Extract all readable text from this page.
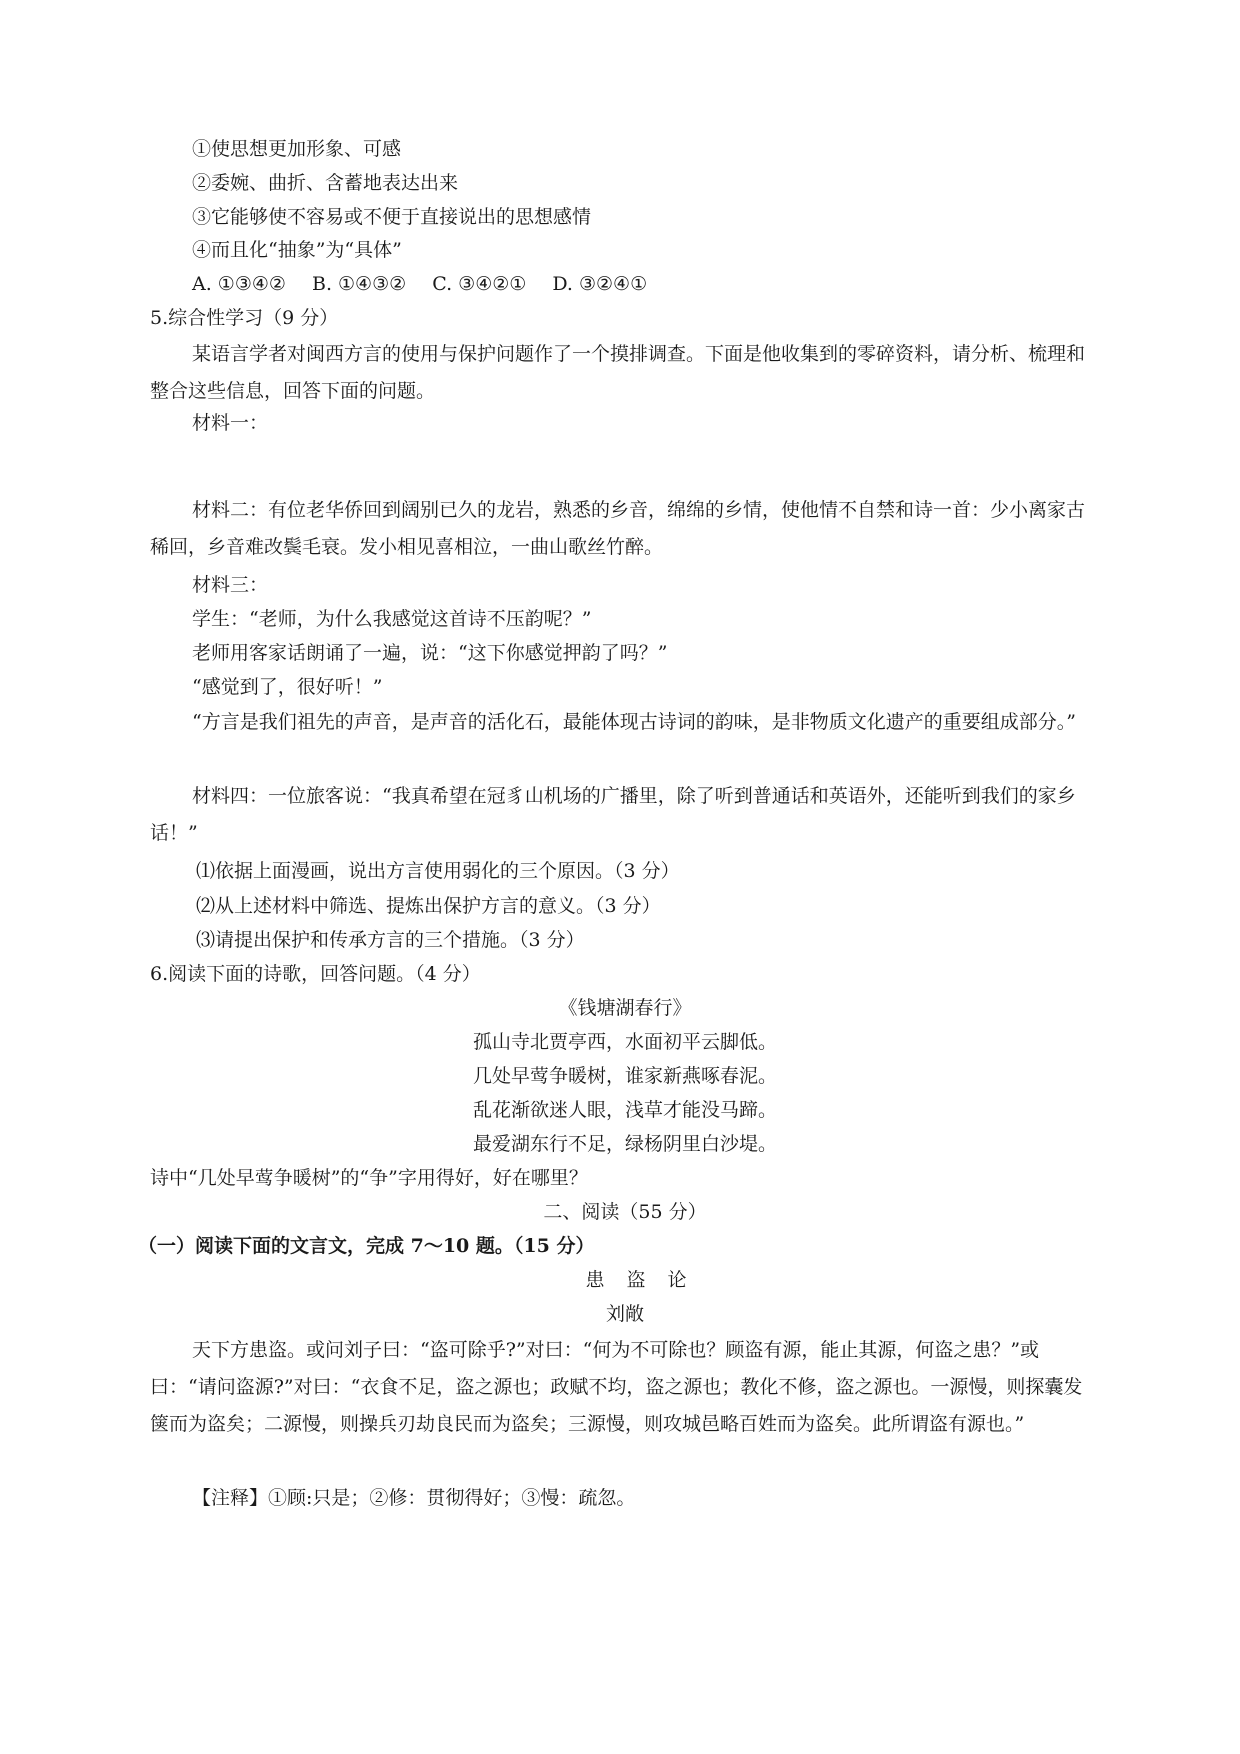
①使思想更加形象、可感
②委婉、曲折、含蓄地表达出来
③它能够使不容易或不便于直接说出的思想感情
④而且化“抽象”为“具体”
A. ①③④② B. ①④③② C. ③④②① D. ③②④①
5.综合性学习（9 分）
某语言学者对闽西方言的使用与保护问题作了一个摸排调查。下面是他收集到的零碎资料，请分析、梳理和整合这些信息，回答下面的问题。
材料一：
材料二：有位老华侨回到阔别已久的龙岩，熟悉的乡音，绵绵的乡情，使他情不自禁和诗一首：少小离家古稀回，乡音难改鬓毛衰。发小相见喜相泣，一曲山歌丝竹醉。
材料三：
学生：“老师，为什么我感觉这首诗不压韵呢？”
老师用客家话朗诵了一遍，说：“这下你感觉押韵了吗？”
“感觉到了，很好听！”
“方言是我们祖先的声音，是声音的活化石，最能体现古诗词的韵味，是非物质文化遗产的重要组成部分。”
材料四：一位旅客说：“我真希望在冠豸山机场的广播里，除了听到普通话和英语外，还能听到我们的家乡话！”
⑴依据上面漫画，说出方言使用弱化的三个原因。（3 分）
⑵从上述材料中筛选、提炼出保护方言的意义。（3 分）
⑶请提出保护和传承方言的三个措施。（3 分）
6.阅读下面的诗歌，回答问题。（4 分）
《钱塘湖春行》
孤山寺北贾亭西，水面初平云脚低。
几处早莺争暖树，谁家新燕啄春泥。
乱花渐欲迷人眼，浅草才能没马蹄。
最爱湖东行不足，绿杨阴里白沙堤。
诗中“几处早莺争暖树”的“争”字用得好，好在哪里？
二、阅读（55 分）
（一）阅读下面的文言文，完成 7～10 题。（15 分）
患盗论
刘敞
天下方患盗。或问刘子曰：“盗可除乎?”对曰：“何为不可除也？顾盗有源，能止其源，何盗之患？”或曰：“请问盗源?”对曰：“衣食不足，盗之源也；政赋不均，盗之源也；教化不修，盗之源也。一源慢，则探囊发箧而为盗矣；二源慢，则操兵刃劫良民而为盗矣；三源慢，则攻城邑略百姓而为盗矣。此所谓盗有源也。”
【注释】①顾:只是；②修：贯彻得好；③慢：疏忽。
